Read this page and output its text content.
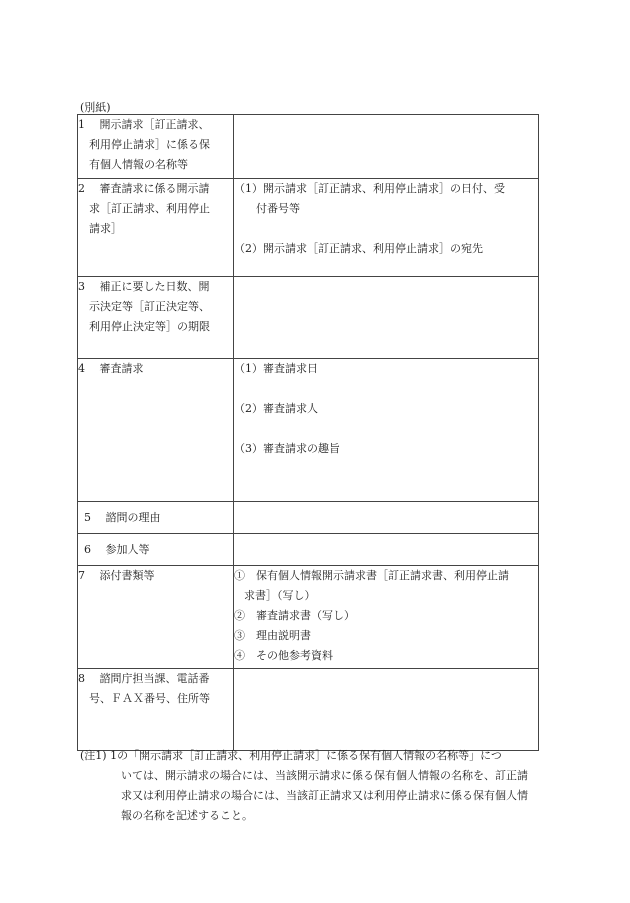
(別紙)
1　 開示請求［訂正請求、
利用停止請求］に係る保
有個人情報の名称等	

2　 審査請求に係る開示請
求［訂正請求、利用停止
請求］	（1）開示請求［訂正請求、利用停止請求］の日付、受
付番号等
（2）開示請求［訂正請求、利用停止請求］の宛先

3　 補正に要した日数、開
示決定等［訂正決定等、
利用停止決定等］の期限	

4　 審査請求	（1）審査請求日
（2）審査請求人
（3）審査請求の趣旨

5　 諮問の理由	

6　 参加人等	

7　 添付書類等	①　保有個人情報開示請求書［訂正請求書、利用停止請
求書］（写し）
②　審査請求書（写し）
③　理由説明書
④　その他参考資料

8　 諮問庁担当課、電話番
号、ＦＡＸ番号、住所等	

(注1) 1の「開示請求［訂正請求、利用停止請求］に係る保有個人情報の名称等」につ
いては、開示請求の場合には、当該開示請求に係る保有個人情報の名称を、訂正請
求又は利用停止請求の場合には、当該訂正請求又は利用停止請求に係る保有個人情
報の名称を記述すること。
